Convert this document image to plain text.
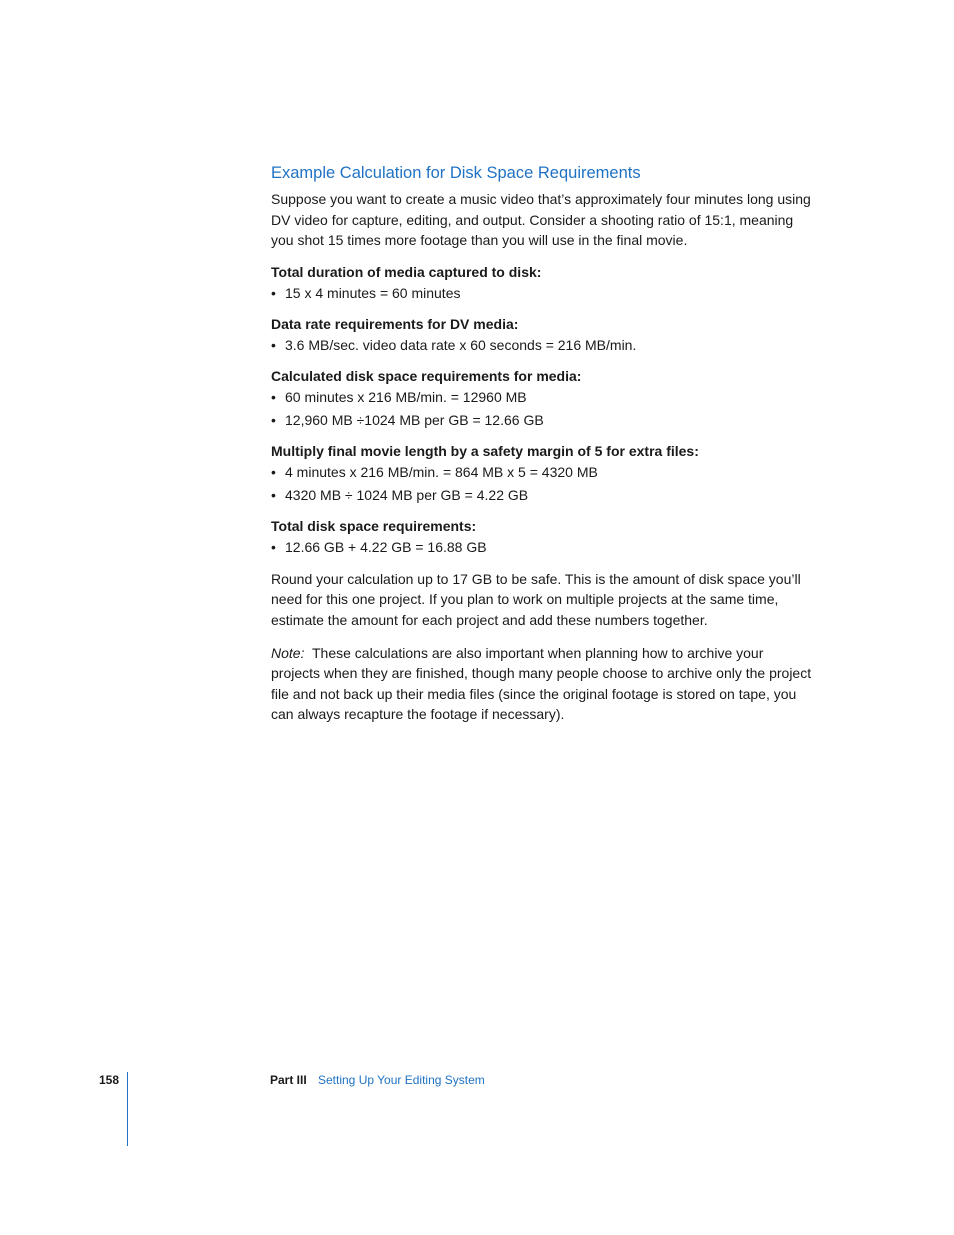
Example Calculation for Disk Space Requirements

Suppose you want to create a music video that’s approximately four minutes long using DV video for capture, editing, and output. Consider a shooting ratio of 15:1, meaning you shot 15 times more footage than you will use in the final movie.

Total duration of media captured to disk:
• 15 x 4 minutes = 60 minutes
Data rate requirements for DV media:
• 3.6 MB/sec. video data rate x 60 seconds = 216 MB/min.
Calculated disk space requirements for media:
• 60 minutes x 216 MB/min. = 12960 MB
• 12,960 MB ÷1024 MB per GB = 12.66 GB
Multiply final movie length by a safety margin of 5 for extra files:
• 4 minutes x 216 MB/min. = 864 MB x 5 = 4320 MB
• 4320 MB ÷ 1024 MB per GB = 4.22 GB
Total disk space requirements:
• 12.66 GB + 4.22 GB = 16.88 GB

Round your calculation up to 17 GB to be safe. This is the amount of disk space you’ll need for this one project. If you plan to work on multiple projects at the same time, estimate the amount for each project and add these numbers together.

Note: These calculations are also important when planning how to archive your projects when they are finished, though many people choose to archive only the project file and not back up their media files (since the original footage is stored on tape, you can always recapture the footage if necessary).

158	Part III Setting Up Your Editing System
